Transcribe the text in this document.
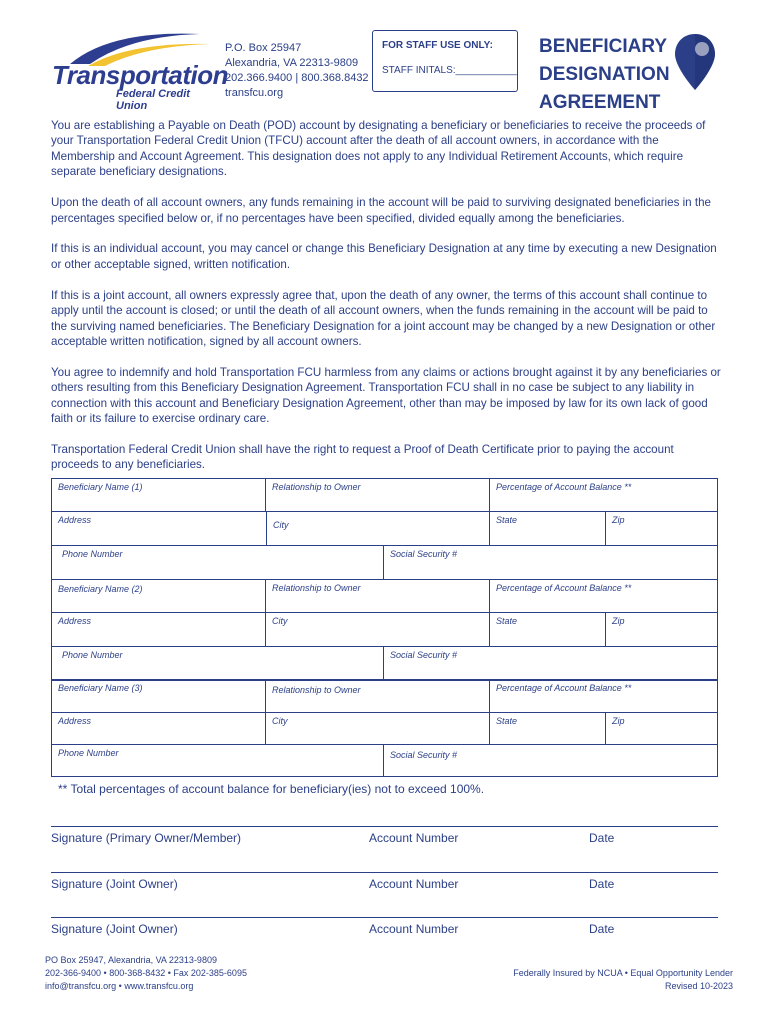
Transportation
Federal Credit Union
P.O. Box 25947
Alexandria, VA 22313-9809
202.366.9400 | 800.368.8432
transfcu.org
FOR STAFF USE ONLY:
STAFF INITALS:___________
BENEFICIARY
DESIGNATION
AGREEMENT

You are establishing a Payable on Death (POD) account by designating a beneficiary or beneficiaries to receive the proceeds of your Transportation Federal Credit Union (TFCU) account after the death of all account owners, in accordance with the Membership and Account Agreement. This designation does not apply to any Individual Retirement Accounts, which require separate beneficiary designations.

Upon the death of all account owners, any funds remaining in the account will be paid to surviving designated beneficiaries in the percentages specified below or, if no percentages have been specified, divided equally among the beneficiaries.

If this is an individual account, you may cancel or change this Beneficiary Designation at any time by executing a new Designation or other acceptable signed, written notification.

If this is a joint account, all owners expressly agree that, upon the death of any owner, the terms of this account shall continue to apply until the account is closed; or until the death of all account owners, when the funds remaining in the account will be paid to the surviving named beneficiaries. The Beneficiary Designation for a joint account may be changed by a new Designation or other acceptable written notification, signed by all account owners.

You agree to indemnify and hold Transportation FCU harmless from any claims or actions brought against it by any beneficiaries or others resulting from this Beneficiary Designation Agreement. Transportation FCU shall in no case be subject to any liability in connection with this account and Beneficiary Designation Agreement, other than may be imposed by law for its own lack of good faith or its failure to exercise ordinary care.

Transportation Federal Credit Union shall have the right to request a Proof of Death Certificate prior to paying the account proceeds to any beneficiaries.

Beneficiary Name (1)	Relationship to Owner	Percentage of Account Balance **
Address	City	State	Zip
Phone Number	Social Security #
Beneficiary Name (2)	Relationship to Owner	Percentage of Account Balance **
Address	City	State	Zip
Phone Number	Social Security #
Beneficiary Name (3)	Relationship to Owner	Percentage of Account Balance **
Address	City	State	Zip
Phone Number	Social Security #
** Total percentages of account balance for beneficiary(ies) not to exceed 100%.
Signature (Primary Owner/Member)	Account Number	Date
Signature (Joint Owner)	Account Number	Date
Signature (Joint Owner)	Account Number	Date
PO Box 25947, Alexandria, VA 22313-9809
202-366-9400 • 800-368-8432 • Fax 202-385-6095
info@transfcu.org • www.transfcu.org
Federally Insured by NCUA • Equal Opportunity Lender
Revised 10-2023
